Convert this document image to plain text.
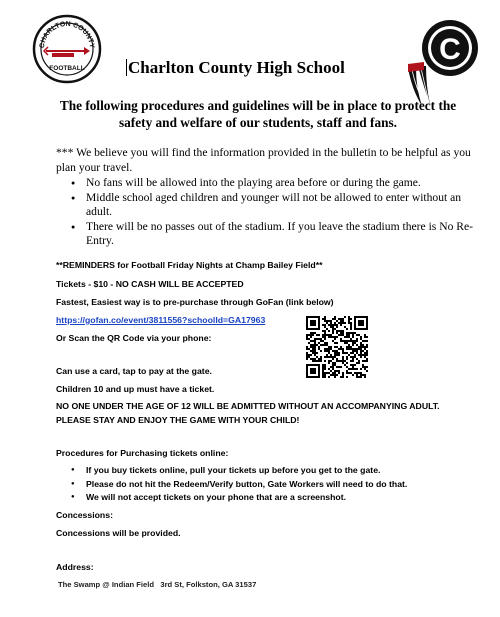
CHARLTON COUNTY
FOOTBALL
C
Charlton County High School
The following procedures and guidelines will be in place to protect the safety and welfare of our students, staff and fans.
*** We believe you will find the information provided in the bulletin to be helpful as you plan your travel.
● No fans will be allowed into the playing area before or during the game.
● Middle school aged children and younger will not be allowed to enter without an adult.
● There will be no passes out of the stadium. If you leave the stadium there is No Re-Entry.
**REMINDERS for Football Friday Nights at Champ Bailey Field**
Tickets - $10 - NO CASH WILL BE ACCEPTED
Fastest, Easiest way is to pre-purchase through GoFan (link below)
https://gofan.co/event/3811556?schoolId=GA17963
Or Scan the QR Code via your phone:
Can use a card, tap to pay at the gate.
Children 10 and up must have a ticket.
NO ONE UNDER THE AGE OF 12 WILL BE ADMITTED WITHOUT AN ACCOMPANYING ADULT. PLEASE STAY AND ENJOY THE GAME WITH YOUR CHILD!
Procedures for Purchasing tickets online:
● If you buy tickets online, pull your tickets up before you get to the gate.
● Please do not hit the Redeem/Verify button, Gate Workers will need to do that.
● We will not accept tickets on your phone that are a screenshot.
Concessions:
Concessions will be provided.
Address:
The Swamp @ Indian Field 3rd St, Folkston, GA 31537
